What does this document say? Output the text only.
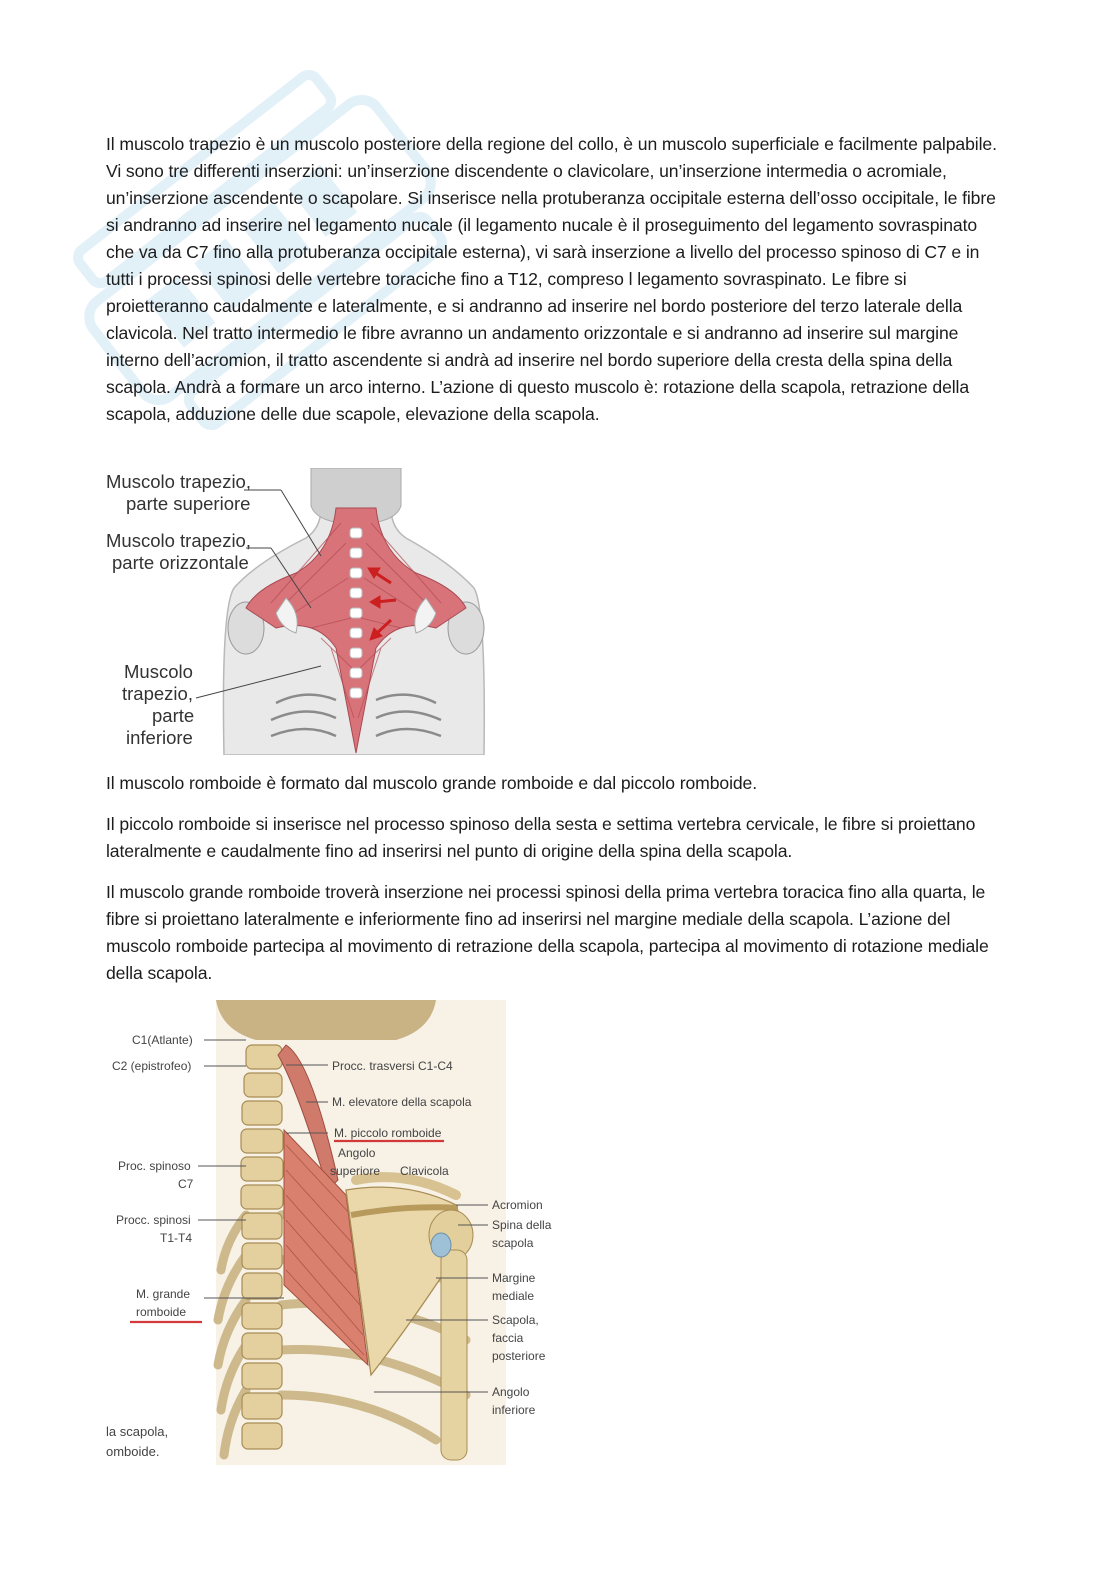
Il muscolo trapezio è un muscolo posteriore della regione del collo, è un muscolo superficiale e facilmente palpabile. Vi sono tre differenti inserzioni: un’inserzione discendente o clavicolare, un’inserzione intermedia o acromiale, un’inserzione ascendente o scapolare. Si inserisce nella protuberanza occipitale esterna dell’osso occipitale, le fibre si andranno ad inserire nel legamento nucale (il legamento nucale è il proseguimento del legamento sovraspinato che va da C7 fino alla protuberanza occipitale esterna), vi sarà inserzione a livello del processo spinoso di C7 e in tutti i processi spinosi delle vertebre toraciche fino a T12, compreso l legamento sovraspinato. Le fibre si proietteranno caudalmente e lateralmente, e si andranno ad inserire nel bordo posteriore del terzo laterale della clavicola. Nel tratto intermedio le fibre avranno un andamento orizzontale e si andranno ad inserire sul margine interno dell’acromion, il tratto ascendente si andrà ad inserire nel bordo superiore della cresta della spina della scapola. Andrà a formare un arco interno. L’azione di questo muscolo è: rotazione della scapola, retrazione della scapola, adduzione delle due scapole, elevazione della scapola.

Muscolo trapezio,
parte superiore
Muscolo trapezio,
parte orizzontale
Muscolo
trapezio,
parte
inferiore

Il muscolo romboide è formato dal muscolo grande romboide e dal piccolo romboide.

Il piccolo romboide si inserisce nel processo spinoso della sesta e settima vertebra cervicale, le fibre si proiettano lateralmente e caudalmente fino ad inserirsi nel punto di origine della spina della scapola.

Il muscolo grande romboide troverà inserzione nei processi spinosi della prima vertebra toracica fino alla quarta, le fibre si proiettano lateralmente e inferiormente fino ad inserirsi nel margine mediale della scapola. L’azione del muscolo romboide partecipa al movimento di retrazione della scapola, partecipa al movimento di rotazione mediale della scapola.

C1(Atlante)
C2 (epistrofeo)
Proc. spinoso
C7
Procc. spinosi
T1-T4
M. grande
romboide
Procc. trasversi C1-C4
M. elevatore della scapola
M. piccolo romboide
Angolo
superiore Clavicola
Acromion
Spina della
scapola
Margine
mediale
Scapola,
faccia
posteriore
Angolo
inferiore
la scapola,
omboide.
